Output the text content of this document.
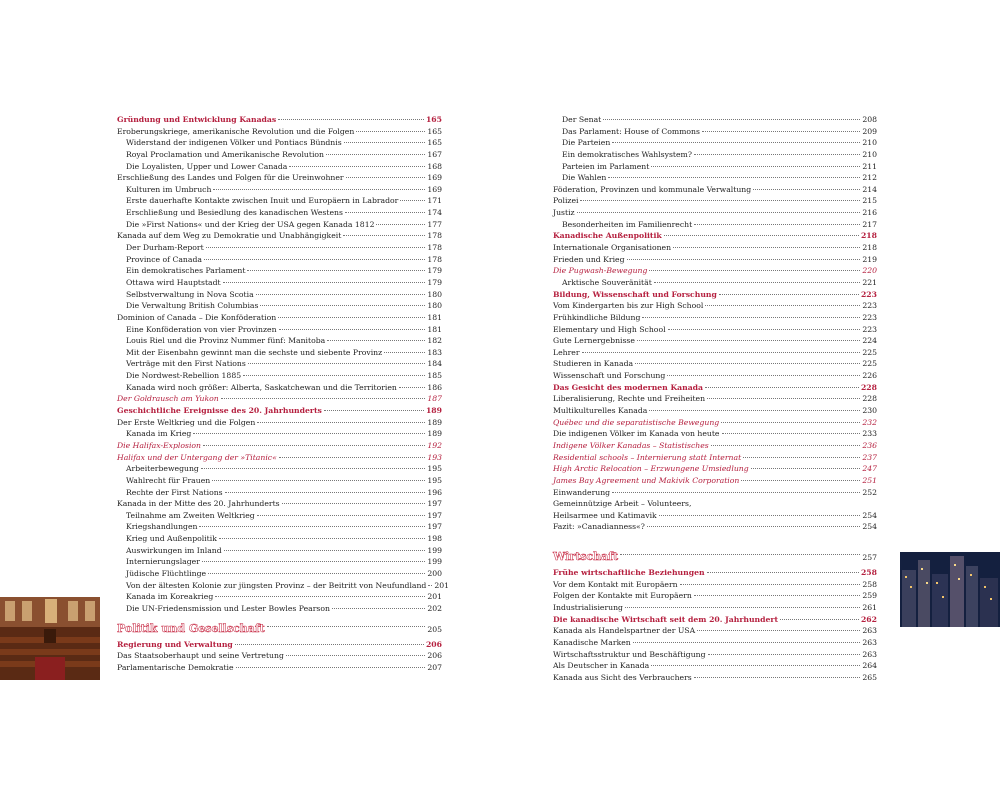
Gründung und Entwicklung Kanadas	165
Eroberungskriege, amerikanische Revolution und die Folgen	165
Widerstand der indigenen Völker und Pontiacs Bündnis	165
Royal Proclamation und Amerikanische Revolution	167
Die Loyalisten, Upper und Lower Canada	168
Erschließung des Landes und Folgen für die Ureinwohner	169
Kulturen im Umbruch	169
Erste dauerhafte Kontakte zwischen Inuit und Europäern in Labrador	171
Erschließung und Besiedlung des kanadischen Westens	174
Die »First Nations« und der Krieg der USA gegen Kanada 1812	177
Kanada auf dem Weg zu Demokratie und Unabhängigkeit	178
Der Durham-Report	178
Province of Canada	178
Ein demokratisches Parlament	179
Ottawa wird Hauptstadt	179
Selbstverwaltung in Nova Scotia	180
Die Verwaltung British Columbias	180
Dominion of Canada – Die Konföderation	181
Eine Konföderation von vier Provinzen	181
Louis Riel und die Provinz Nummer fünf: Manitoba	182
Mit der Eisenbahn gewinnt man die sechste und siebente Provinz	183
Verträge mit den First Nations	184
Die Nordwest-Rebellion 1885	185
Kanada wird noch größer: Alberta, Saskatchewan und die Territorien	186
Der Goldrausch am Yukon	187
Geschichtliche Ereignisse des 20. Jahrhunderts	189
Der Erste Weltkrieg und die Folgen	189
Kanada im Krieg	189
Die Halifax-Explosion	192
Halifax und der Untergang der »Titanic«	193
Arbeiterbewegung	195
Wahlrecht für Frauen	195
Rechte der First Nations	196
Kanada in der Mitte des 20. Jahrhunderts	197
Teilnahme am Zweiten Weltkrieg	197
Kriegshandlungen	197
Krieg und Außenpolitik	198
Auswirkungen im Inland	199
Internierungslager	199
Jüdische Flüchtlinge	200
Von der ältesten Kolonie zur jüngsten Provinz – der Beitritt von Neufundland 201
Kanada im Koreakrieg	201
Die UN-Friedensmission und Lester Bowles Pearson	202
Politik und Gesellschaft	205
Regierung und Verwaltung	206
Das Staatsoberhaupt und seine Vertretung	206
Parlamentarische Demokratie	207
Der Senat	208
Das Parlament: House of Commons	209
Die Parteien	210
Ein demokratisches Wahlsystem?	210
Parteien im Parlament	211
Die Wahlen	212
Föderation, Provinzen und kommunale Verwaltung	214
Polizei	215
Justiz	216
Besonderheiten im Familienrecht	217
Kanadische Außenpolitik	218
Internationale Organisationen	218
Frieden und Krieg	219
Die Pugwash-Bewegung	220
Arktische Souveränität	221
Bildung, Wissenschaft und Forschung	223
Vom Kindergarten bis zur High School	223
Frühkindliche Bildung	223
Elementary und High School	223
Gute Lernergebnisse	224
Lehrer	225
Studieren in Kanada	225
Wissenschaft und Forschung	226
Das Gesicht des modernen Kanada	228
Liberalisierung, Rechte und Freiheiten	228
Multikulturelles Kanada	230
Québec und die separatistische Bewegung	232
Die indigenen Völker im Kanada von heute	233
Indigene Völker Kanadas – Statistisches	236
Residential schools – Internierung statt Internat	237
High Arctic Relocation – Erzwungene Umsiedlung	247
James Bay Agreement und Makivik Corporation	251
Einwanderung	252
Gemeinnützige Arbeit – Volunteers,
Heilsarmee und Katimavik	254
Fazit: »Canadianness«?	254
Wirtschaft	257
Frühe wirtschaftliche Beziehungen	258
Vor dem Kontakt mit Europäern	258
Folgen der Kontakte mit Europäern	259
Industrialisierung	261
Die kanadische Wirtschaft seit dem 20. Jahrhundert	262
Kanada als Handelspartner der USA	263
Kanadische Marken	263
Wirtschaftsstruktur und Beschäftigung	263
Als Deutscher in Kanada	264
Kanada aus Sicht des Verbrauchers	265
